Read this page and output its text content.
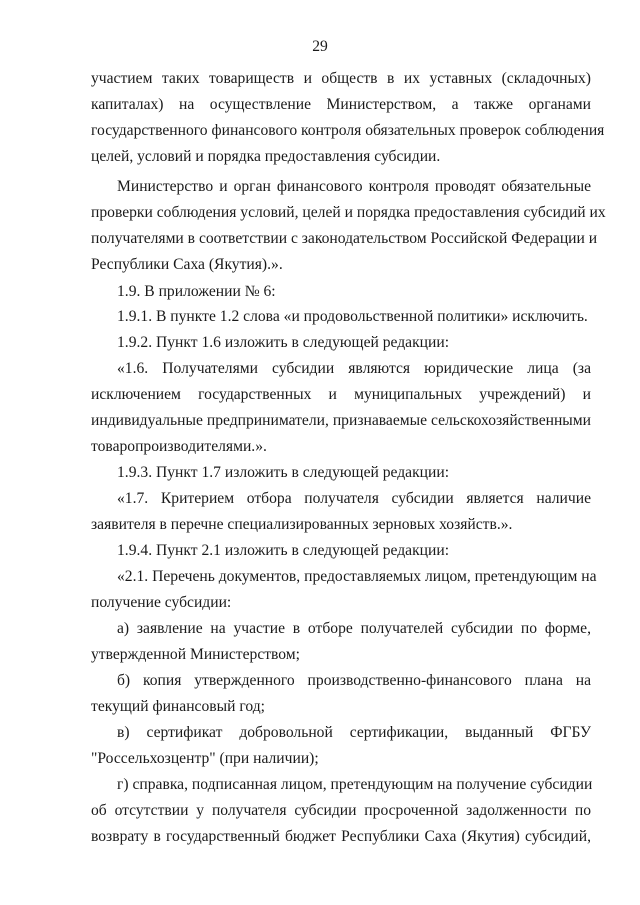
29
участием таких товариществ и обществ в их уставных (складочных)
капиталах) на осуществление Министерством, а также органами
государственного финансового контроля обязательных проверок соблюдения
целей, условий и порядка предоставления субсидии.
Министерство и орган финансового контроля проводят обязательные
проверки соблюдения условий, целей и порядка предоставления субсидий их
получателями в соответствии с законодательством Российской Федерации и
Республики Саха (Якутия).».
1.9. В приложении № 6:
1.9.1. В пункте 1.2 слова «и продовольственной политики» исключить.
1.9.2. Пункт 1.6 изложить в следующей редакции:
«1.6. Получателями субсидии являются юридические лица (за
исключением государственных и муниципальных учреждений) и
индивидуальные предприниматели, признаваемые сельскохозяйственными
товаропроизводителями.».
1.9.3. Пункт 1.7 изложить в следующей редакции:
«1.7. Критерием отбора получателя субсидии является наличие
заявителя в перечне специализированных зерновых хозяйств.».
1.9.4. Пункт 2.1 изложить в следующей редакции:
«2.1. Перечень документов, предоставляемых лицом, претендующим на
получение субсидии:
а) заявление на участие в отборе получателей субсидии по форме,
утвержденной Министерством;
б) копия утвержденного производственно-финансового плана на
текущий финансовый год;
в) сертификат добровольной сертификации, выданный ФГБУ
"Россельхозцентр" (при наличии);
г) справка, подписанная лицом, претендующим на получение субсидии
об отсутствии у получателя субсидии просроченной задолженности по
возврату в государственный бюджет Республики Саха (Якутия) субсидий,
